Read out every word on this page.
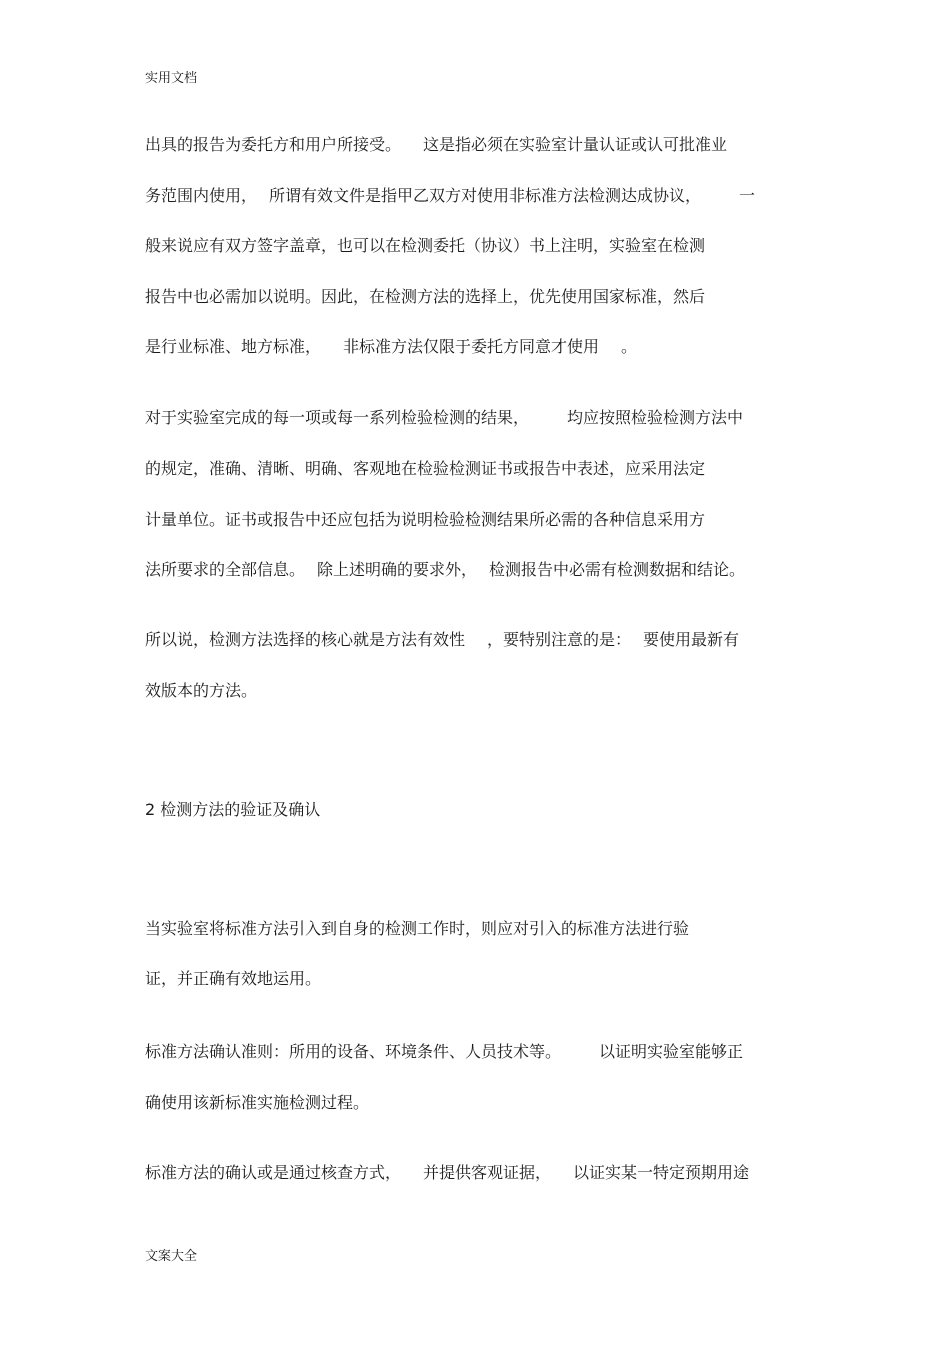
实用文档
出具的报告为委托方和用户所接受。 这是指必须在实验室计量认证或认可批准业
务范围内使用， 所谓有效文件是指甲乙双方对使用非标准方法检测达成协议， 一
般来说应有双方签字盖章，也可以在检测委托（协议）书上注明，实验室在检测
报告中也必需加以说明。因此，在检测方法的选择上，优先使用国家标准，然后
是行业标准、地方标准， 非标准方法仅限于委托方同意才使用 。
对于实验室完成的每一项或每一系列检验检测的结果， 均应按照检验检测方法中
的规定，准确、清晰、明确、客观地在检验检测证书或报告中表述，应采用法定
计量单位。证书或报告中还应包括为说明检验检测结果所必需的各种信息采用方
法所要求的全部信息。 除上述明确的要求外， 检测报告中必需有检测数据和结论。
所以说，检测方法选择的核心就是方法有效性 ，要特别注意的是： 要使用最新有
效版本的方法。
2 检测方法的验证及确认
当实验室将标准方法引入到自身的检测工作时，则应对引入的标准方法进行验
证，并正确有效地运用。
标准方法确认准则：所用的设备、环境条件、人员技术等。 以证明实验室能够正
确使用该新标准实施检测过程。
标准方法的确认或是通过核查方式， 并提供客观证据， 以证实某一特定预期用途
文案大全
